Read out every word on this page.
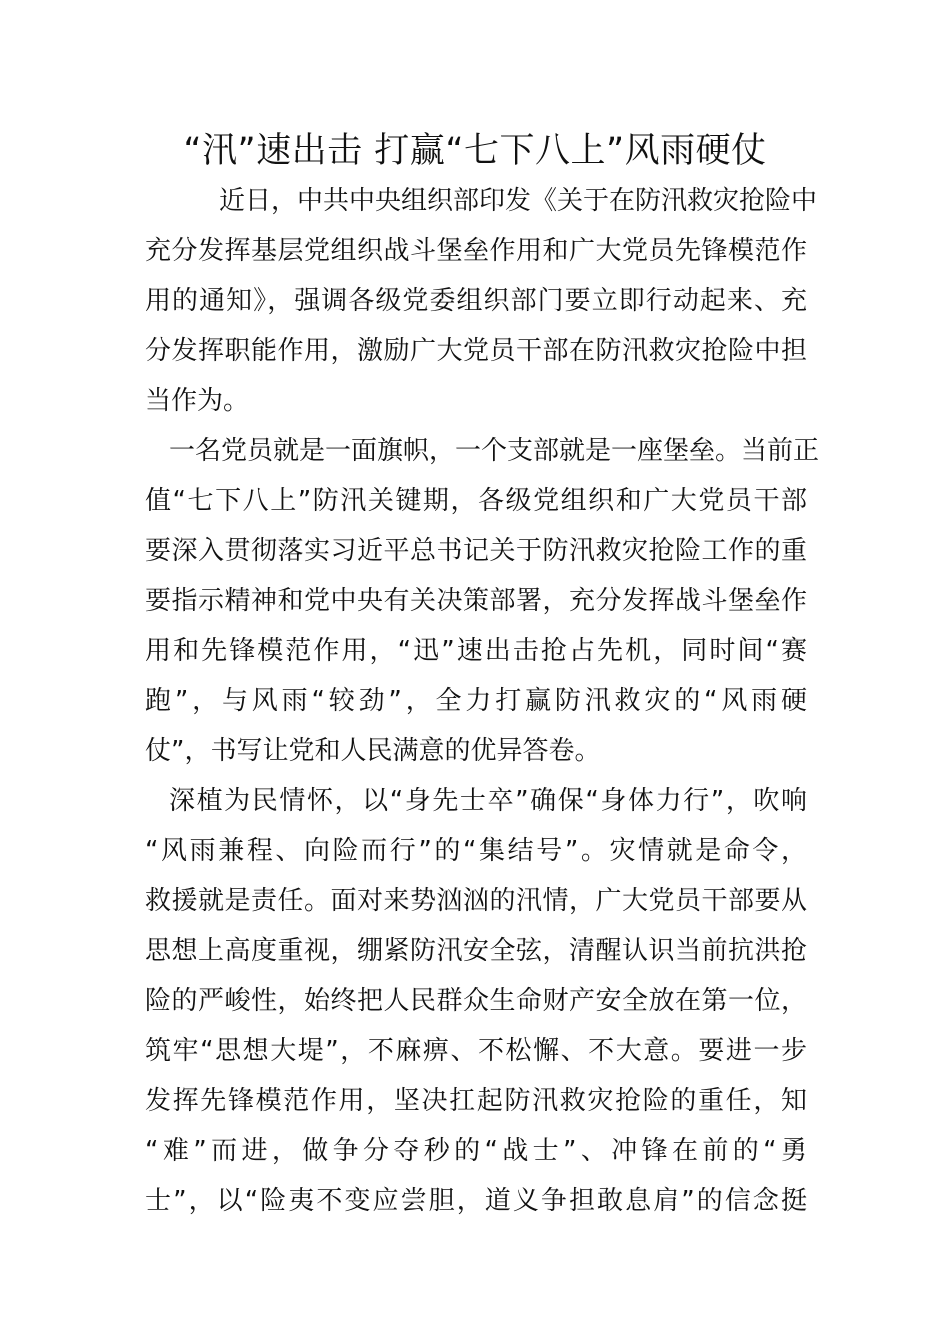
“汛”速出击 打赢“七下八上”风雨硬仗
近日，中共中央组织部印发《关于在防汛救灾抢险中
充分发挥基层党组织战斗堡垒作用和广大党员先锋模范作
用的通知》，强调各级党委组织部门要立即行动起来、充
分发挥职能作用，激励广大党员干部在防汛救灾抢险中担
当作为。
一名党员就是一面旗帜，一个支部就是一座堡垒。当前正
值“七下八上”防汛关键期，各级党组织和广大党员干部
要深入贯彻落实习近平总书记关于防汛救灾抢险工作的重
要指示精神和党中央有关决策部署，充分发挥战斗堡垒作
用和先锋模范作用，“迅”速出击抢占先机，同时间“赛
跑”，与风雨“较劲”，全力打赢防汛救灾的“风雨硬
仗”，书写让党和人民满意的优异答卷。
深植为民情怀，以“身先士卒”确保“身体力行”，吹响
“风雨兼程、向险而行”的“集结号”。灾情就是命令，
救援就是责任。面对来势汹汹的汛情，广大党员干部要从
思想上高度重视，绷紧防汛安全弦，清醒认识当前抗洪抢
险的严峻性，始终把人民群众生命财产安全放在第一位，
筑牢“思想大堤”，不麻痹、不松懈、不大意。要进一步
发挥先锋模范作用，坚决扛起防汛救灾抢险的重任，知
“难”而进，做争分夺秒的“战士”、冲锋在前的“勇
士”，以“险夷不变应尝胆，道义争担敢息肩”的信念挺
